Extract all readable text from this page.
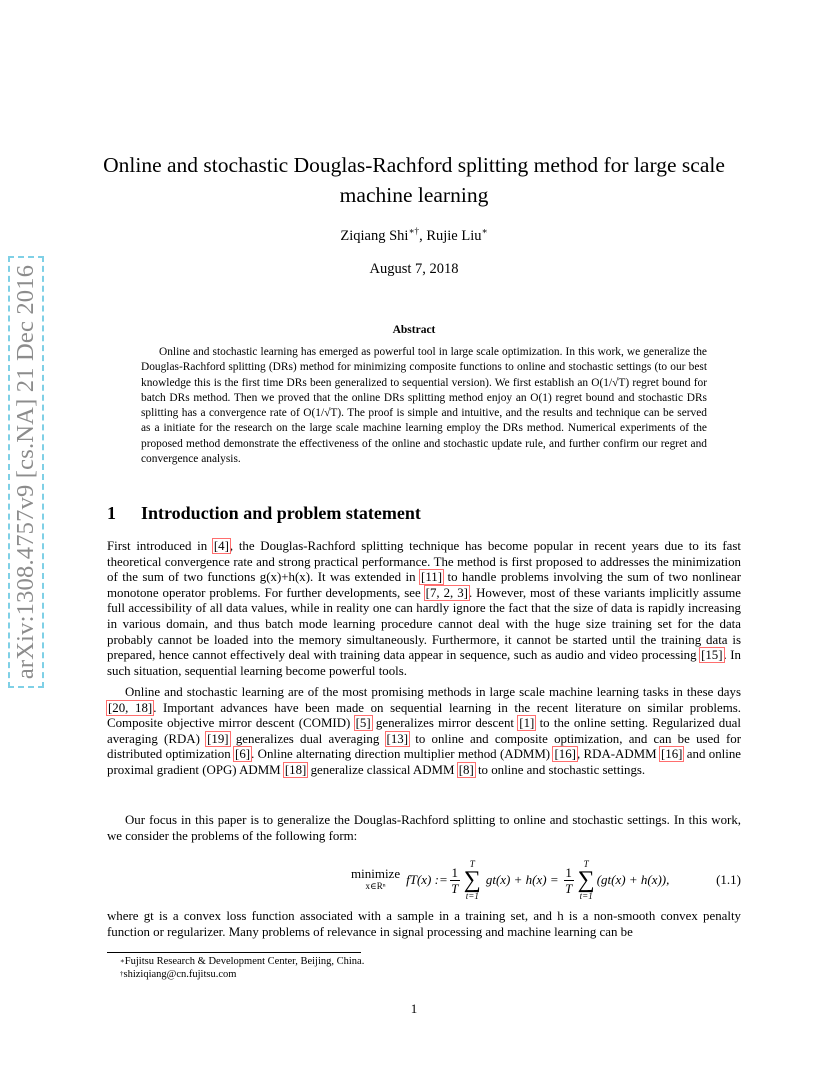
arXiv:1308.4757v9 [cs.NA] 21 Dec 2016
Online and stochastic Douglas-Rachford splitting method for large scale machine learning
Ziqiang Shi∗†, Rujie Liu∗
August 7, 2018
Abstract
Online and stochastic learning has emerged as powerful tool in large scale optimization. In this work, we generalize the Douglas-Rachford splitting (DRs) method for minimizing composite functions to online and stochastic settings (to our best knowledge this is the first time DRs been generalized to sequential version). We first establish an O(1/√T) regret bound for batch DRs method. Then we proved that the online DRs splitting method enjoy an O(1) regret bound and stochastic DRs splitting has a convergence rate of O(1/√T). The proof is simple and intuitive, and the results and technique can be served as a initiate for the research on the large scale machine learning employ the DRs method. Numerical experiments of the proposed method demonstrate the effectiveness of the online and stochastic update rule, and further confirm our regret and convergence analysis.
1 Introduction and problem statement
First introduced in [4], the Douglas-Rachford splitting technique has become popular in recent years due to its fast theoretical convergence rate and strong practical performance. The method is first proposed to addresses the minimization of the sum of two functions g(x)+h(x). It was extended in [11] to handle problems involving the sum of two nonlinear monotone operator problems. For further developments, see [7, 2, 3]. However, most of these variants implicitly assume full accessibility of all data values, while in reality one can hardly ignore the fact that the size of data is rapidly increasing in various domain, and thus batch mode learning procedure cannot deal with the huge size training set for the data probably cannot be loaded into the memory simultaneously. Furthermore, it cannot be started until the training data is prepared, hence cannot effectively deal with training data appear in sequence, such as audio and video processing [15]. In such situation, sequential learning become powerful tools.
Online and stochastic learning are of the most promising methods in large scale machine learning tasks in these days [20, 18]. Important advances have been made on sequential learning in the recent literature on similar problems. Composite objective mirror descent (COMID) [5] generalizes mirror descent [1] to the online setting. Regularized dual averaging (RDA) [19] generalizes dual averaging [13] to online and composite optimization, and can be used for distributed optimization [6]. Online alternating direction multiplier method (ADMM) [16], RDA-ADMM [16] and online proximal gradient (OPG) ADMM [18] generalize classical ADMM [8] to online and stochastic settings.
Our focus in this paper is to generalize the Douglas-Rachford splitting to online and stochastic settings. In this work, we consider the problems of the following form:
minimize
x∈Rⁿ fT(x) := $\frac{1}{T}$
T
∑
t=1
$gt(x) + h(x) = \frac{1}{T}$
T
∑
t=1
(gt(x) + h(x)),	(1.1)
where gt is a convex loss function associated with a sample in a training set, and h is a non-smooth convex penalty function or regularizer. Many problems of relevance in signal processing and machine learning can be
∗Fujitsu Research & Development Center, Beijing, China.
†shiziqiang@cn.fujitsu.com
1
